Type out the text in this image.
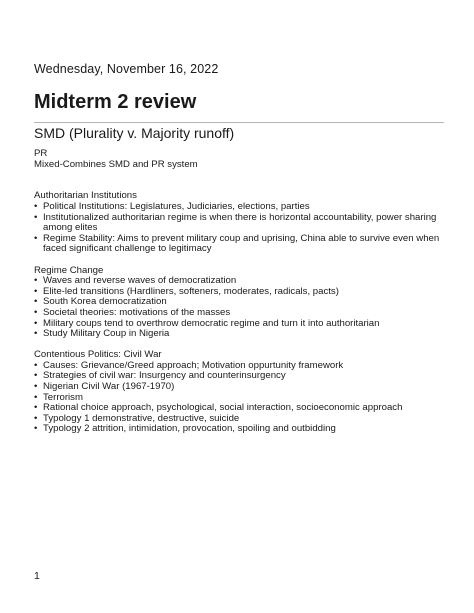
Wednesday, November 16, 2022
Midterm 2 review
SMD (Plurality v. Majority runoff)

PR

Mixed-Combines SMD and PR system

Authoritarian Institutions

• Political Institutions: Legislatures, Judiciaries, elections, parties
• Institutionalized authoritarian regime is when there is horizontal accountability, power sharing among elites
• Regime Stability: Aims to prevent military coup and uprising, China able to survive even when faced significant challenge to legitimacy

Regime Change

• Waves and reverse waves of democratization
• Elite-led transitions (Hardliners, softeners, moderates, radicals, pacts)
• South Korea democratization
• Societal theories: motivations of the masses
• Military coups tend to overthrow democratic regime and turn it into authoritarian
• Study Military Coup in Nigeria

Contentious Politics: Civil War

• Causes: Grievance/Greed approach; Motivation oppurtunity framework
• Strategies of civil war: Insurgency and counterinsurgency
• Nigerian Civil War (1967-1970)
• Terrorism
• Rational choice approach, psychological, social interaction, socioeconomic approach
• Typology 1 demonstrative, destructive, suicide
• Typology 2 attrition, intimidation, provocation, spoiling and outbidding
1
